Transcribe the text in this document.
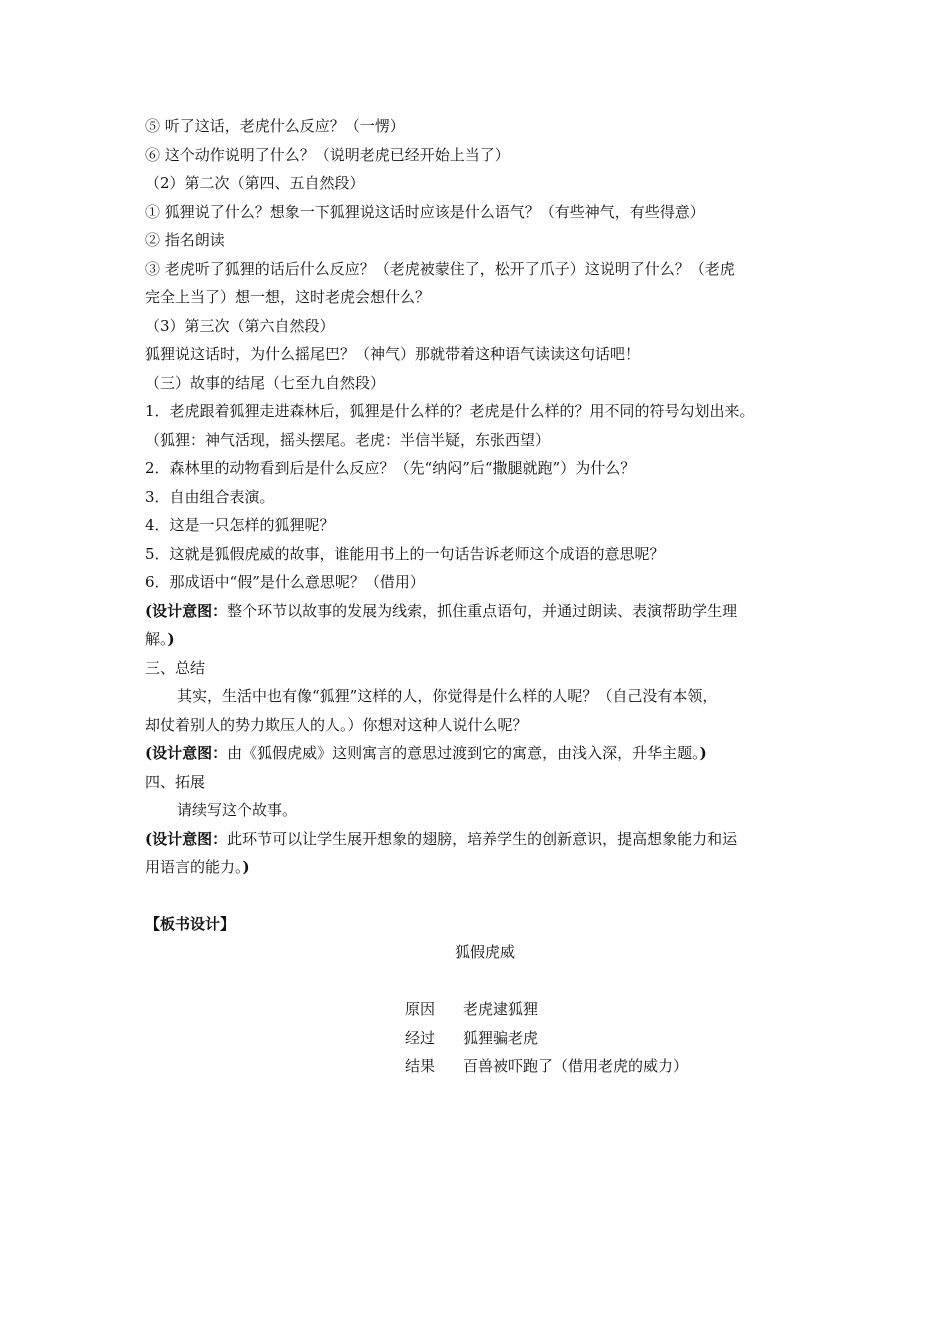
⑤ 听了这话，老虎什么反应？（一愣）
⑥ 这个动作说明了什么？（说明老虎已经开始上当了）
（2）第二次（第四、五自然段）
① 狐狸说了什么？想象一下狐狸说这话时应该是什么语气？（有些神气，有些得意）
② 指名朗读
③ 老虎听了狐狸的话后什么反应？（老虎被蒙住了，松开了爪子）这说明了什么？（老虎
完全上当了）想一想，这时老虎会想什么？
（3）第三次（第六自然段）
狐狸说这话时，为什么摇尾巴？（神气）那就带着这种语气读读这句话吧！
（三）故事的结尾（七至九自然段）
1．老虎跟着狐狸走进森林后，狐狸是什么样的？老虎是什么样的？用不同的符号勾划出来。
（狐狸：神气活现，摇头摆尾。老虎：半信半疑，东张西望）
2．森林里的动物看到后是什么反应？（先“纳闷”后“撒腿就跑”）为什么？
3．自由组合表演。
4．这是一只怎样的狐狸呢？
5．这就是狐假虎威的故事，谁能用书上的一句话告诉老师这个成语的意思呢？
6．那成语中“假”是什么意思呢？（借用）
(设计意图：整个环节以故事的发展为线索，抓住重点语句，并通过朗读、表演帮助学生理
解。)
三、总结
其实，生活中也有像“狐狸”这样的人，你觉得是什么样的人呢？（自己没有本领，
却仗着别人的势力欺压人的人。）你想对这种人说什么呢？
(设计意图：由《狐假虎威》这则寓言的意思过渡到它的寓意，由浅入深，升华主题。)
四、拓展
请续写这个故事。
(设计意图：此环节可以让学生展开想象的翅膀，培养学生的创新意识，提高想象能力和运
用语言的能力。)
【板书设计】
狐假虎威
原因 老虎逮狐狸
经过 狐狸骗老虎
结果 百兽被吓跑了（借用老虎的威力）
